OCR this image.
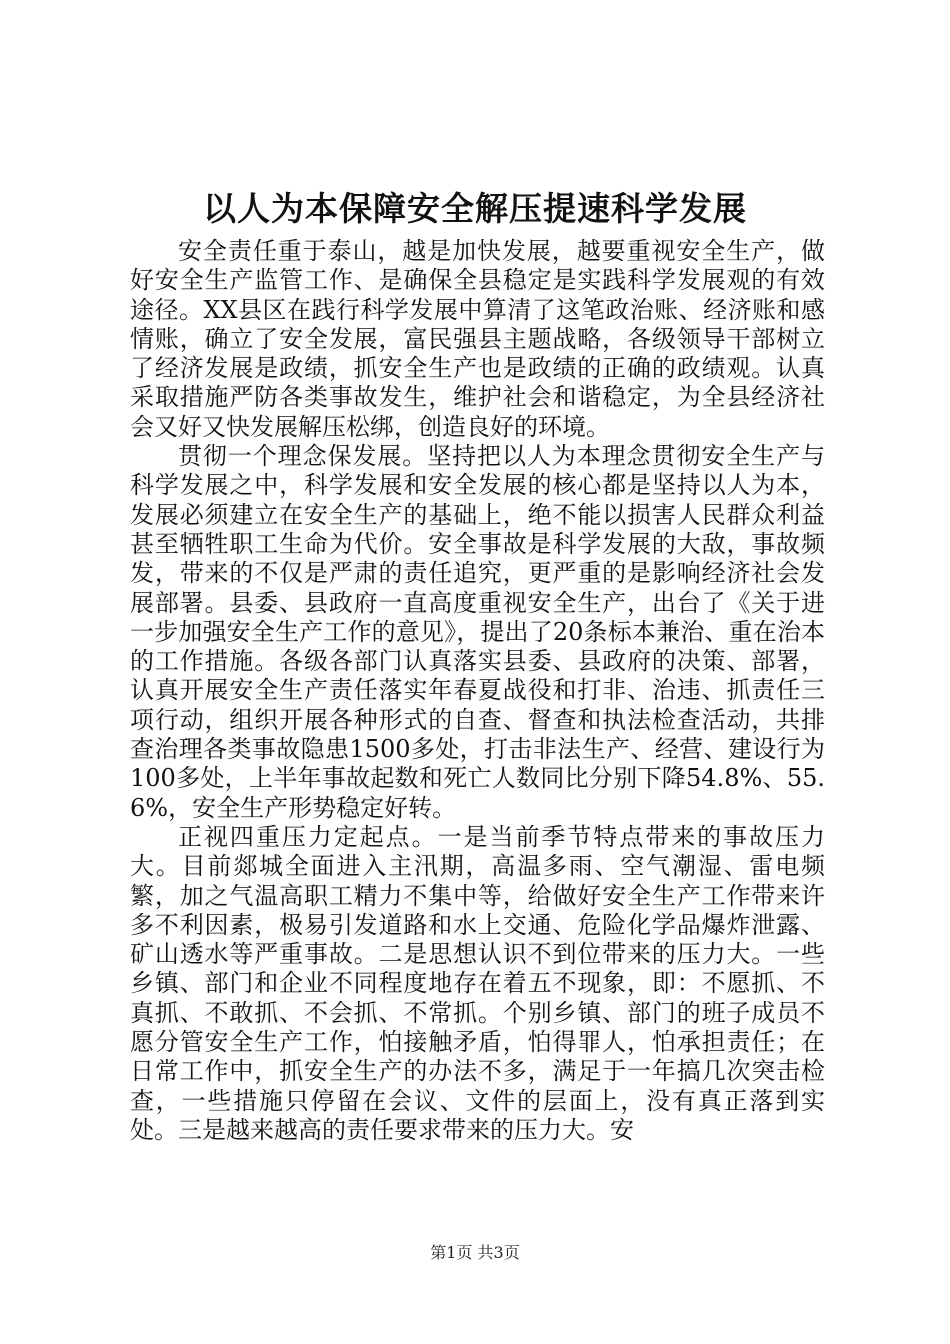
以人为本保障安全解压提速科学发展

安全责任重于泰山，越是加快发展，越要重视安全生产，做好安全生产监管工作、是确保全县稳定是实践科学发展观的有效途径。XX县区在践行科学发展中算清了这笔政治账、经济账和感情账，确立了安全发展，富民强县主题战略，各级领导干部树立了经济发展是政绩，抓安全生产也是政绩的正确的政绩观。认真采取措施严防各类事故发生，维护社会和谐稳定，为全县经济社会又好又快发展解压松绑，创造良好的环境。

贯彻一个理念保发展。坚持把以人为本理念贯彻安全生产与科学发展之中，科学发展和安全发展的核心都是坚持以人为本，发展必须建立在安全生产的基础上，绝不能以损害人民群众利益甚至牺牲职工生命为代价。安全事故是科学发展的大敌，事故频发，带来的不仅是严肃的责任追究，更严重的是影响经济社会发展部署。县委、县政府一直高度重视安全生产，出台了《关于进一步加强安全生产工作的意见》，提出了20条标本兼治、重在治本的工作措施。各级各部门认真落实县委、县政府的决策、部署，认真开展安全生产责任落实年春夏战役和打非、治违、抓责任三项行动，组织开展各种形式的自查、督查和执法检查活动，共排查治理各类事故隐患1500多处，打击非法生产、经营、建设行为100多处，上半年事故起数和死亡人数同比分别下降54.8%、55.6%，安全生产形势稳定好转。

正视四重压力定起点。一是当前季节特点带来的事故压力大。目前郯城全面进入主汛期，高温多雨、空气潮湿、雷电频繁，加之气温高职工精力不集中等，给做好安全生产工作带来许多不利因素，极易引发道路和水上交通、危险化学品爆炸泄露、矿山透水等严重事故。二是思想认识不到位带来的压力大。一些乡镇、部门和企业不同程度地存在着五不现象，即：不愿抓、不真抓、不敢抓、不会抓、不常抓。个别乡镇、部门的班子成员不愿分管安全生产工作，怕接触矛盾，怕得罪人，怕承担责任；在日常工作中，抓安全生产的办法不多，满足于一年搞几次突击检查，一些措施只停留在会议、文件的层面上，没有真正落到实处。三是越来越高的责任要求带来的压力大。安

第1页 共3页
